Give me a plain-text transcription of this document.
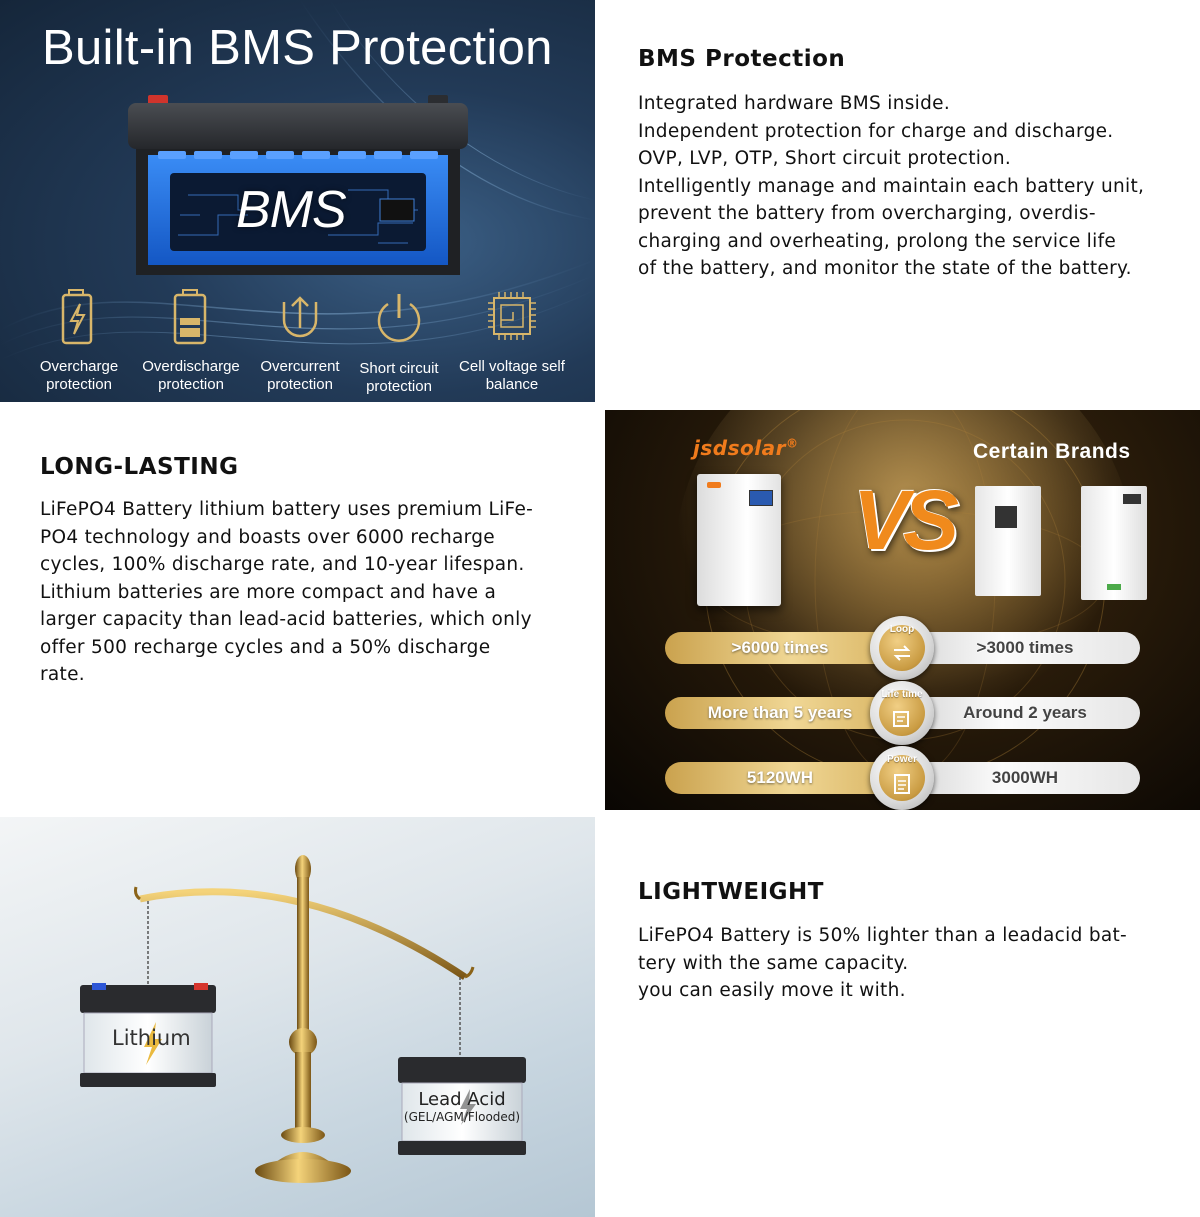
Built-in BMS Protection
BMS
Overcharge
protection
Overdischarge
protection
Overcurrent
protection
Short circuit
protection
Cell voltage self
balance
BMS Protection
Integrated hardware BMS inside.
Independent protection for charge and discharge.
OVP, LVP, OTP, Short circuit protection.
Intelligently manage and maintain each battery unit,
prevent the battery from overcharging, overdis-
charging and overheating, prolong the service life
of the battery, and monitor the state of the battery.
LONG-LASTING
LiFePO4 Battery lithium battery uses premium LiFe-
PO4 technology and boasts over 6000 recharge
cycles, 100% discharge rate, and 10-year lifespan.
Lithium batteries are more compact and have a
larger capacity than lead-acid batteries, which only
offer 500 recharge cycles and a 50% discharge
rate.
jsdsolar®	Certain Brands
VS
>6000 times	>3000 times
Loop
More than 5 years	Around 2 years
Life time
5120WH	3000WH
Power
Lithium
Lead Acid
(GEL/AGM/Flooded)
LIGHTWEIGHT
LiFePO4 Battery is 50% lighter than a leadacid bat-
tery with the same capacity.
you can easily move it with.
